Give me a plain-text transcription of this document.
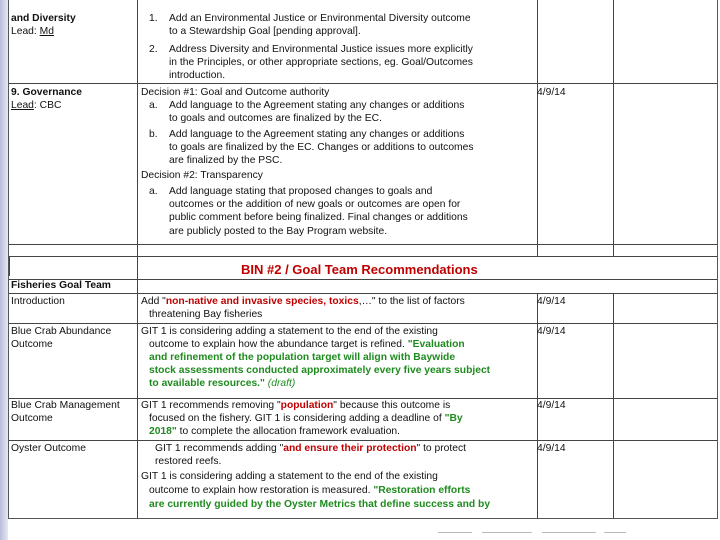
and Diversity
Lead: Md
1. Add an Environmental Justice or Environmental Diversity outcome
to a Stewardship Goal [pending approval].
2. Address Diversity and Environmental Justice issues more explicitly
in the Principles, or other appropriate sections, eg. Goal/Outcomes
introduction.
9. Governance
Lead: CBC
4/9/14
Decision #1: Goal and Outcome authority
a. Add language to the Agreement stating any changes or additions
to goals and outcomes are finalized by the EC.
b. Add language to the Agreement stating any changes or additions
to goals are finalized by the EC. Changes or additions to outcomes
are finalized by the PSC.
Decision #2: Transparency
a. Add language stating that proposed changes to goals and
outcomes or the addition of new goals or outcomes are open for
public comment before being finalized. Final changes or additions
are publicly posted to the Bay Program website.
BIN #2 / Goal Team Recommendations
Fisheries Goal Team
Introduction	4/9/14
Add "non-native and invasive species, toxics,…" to the list of factors
threatening Bay fisheries
Blue Crab Abundance
Outcome
4/9/14
GIT 1 is considering adding a statement to the end of the existing
outcome to explain how the abundance target is refined. "Evaluation
and refinement of the population target will align with Baywide
stock assessments conducted approximately every five years subject
to available resources." (draft)
Blue Crab Management
Outcome
4/9/14
GIT 1 recommends removing "population" because this outcome is
focused on the fishery. GIT 1 is considering adding a deadline of "By
2018" to complete the allocation framework evaluation.
Oyster Outcome	4/9/14
GIT 1 recommends adding "and ensure their protection" to protect
restored reefs.
GIT 1 is considering adding a statement to the end of the existing
outcome to explain how restoration is measured. "Restoration efforts
are currently guided by the Oyster Metrics that define success and by
